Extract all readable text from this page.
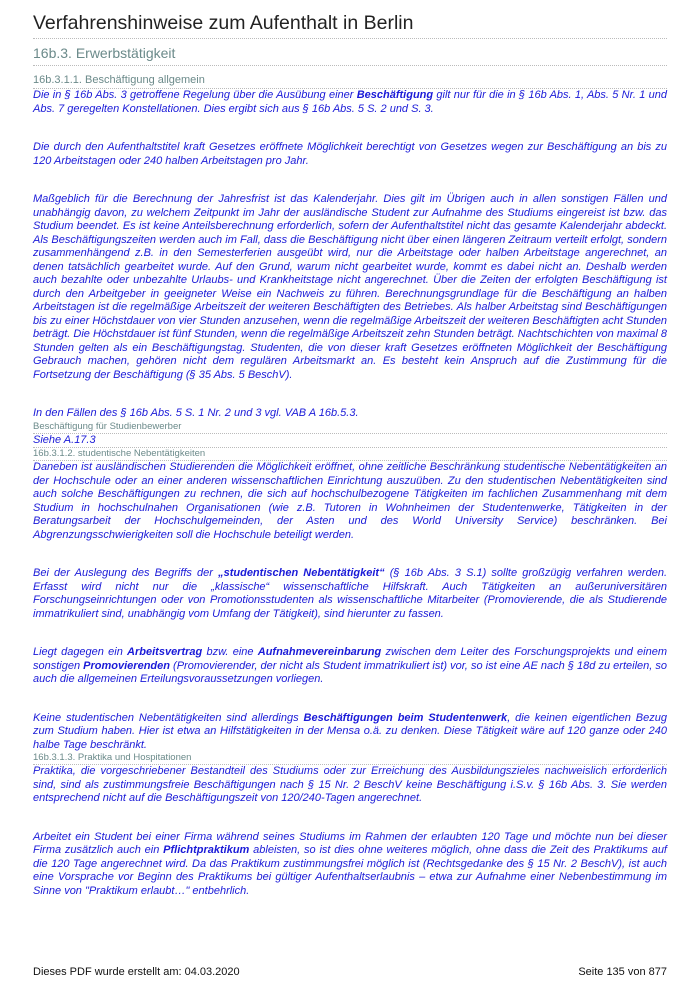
Verfahrenshinweise zum Aufenthalt in Berlin
16b.3. Erwerbstätigkeit
16b.3.1.1. Beschäftigung allgemein

Die in § 16b Abs. 3 getroffene Regelung über die Ausübung einer Beschäftigung gilt nur für die in § 16b Abs. 1, Abs. 5 Nr. 1 und Abs. 7 geregelten Konstellationen. Dies ergibt sich aus § 16b Abs. 5 S. 2 und S. 3.

Die durch den Aufenthaltstitel kraft Gesetzes eröffnete Möglichkeit berechtigt von Gesetzes wegen zur Beschäftigung an bis zu 120 Arbeitstagen oder 240 halben Arbeitstagen pro Jahr.

Maßgeblich für die Berechnung der Jahresfrist ist das Kalenderjahr. Dies gilt im Übrigen auch in allen sonstigen Fällen und unabhängig davon, zu welchem Zeitpunkt im Jahr der ausländische Student zur Aufnahme des Studiums eingereist ist bzw. das Studium beendet. Es ist keine Anteilsberechnung erforderlich, sofern der Aufenthaltstitel nicht das gesamte Kalenderjahr abdeckt. Als Beschäftigungszeiten werden auch im Fall, dass die Beschäftigung nicht über einen längeren Zeitraum verteilt erfolgt, sondern zusammenhängend z.B. in den Semesterferien ausgeübt wird, nur die Arbeitstage oder halben Arbeitstage angerechnet, an denen tatsächlich gearbeitet wurde. Auf den Grund, warum nicht gearbeitet wurde, kommt es dabei nicht an. Deshalb werden auch bezahlte oder unbezahlte Urlaubs- und Krankheitstage nicht angerechnet. Über die Zeiten der erfolgten Beschäftigung ist durch den Arbeitgeber in geeigneter Weise ein Nachweis zu führen. Berechnungsgrundlage für die Beschäftigung an halben Arbeitstagen ist die regelmäßige Arbeitszeit der weiteren Beschäftigten des Betriebes. Als halber Arbeitstag sind Beschäftigungen bis zu einer Höchstdauer von vier Stunden anzusehen, wenn die regelmäßige Arbeitszeit der weiteren Beschäftigten acht Stunden beträgt. Die Höchstdauer ist fünf Stunden, wenn die regelmäßige Arbeitszeit zehn Stunden beträgt. Nachtschichten von maximal 8 Stunden gelten als ein Beschäftigungstag. Studenten, die von dieser kraft Gesetzes eröffneten Möglichkeit der Beschäftigung Gebrauch machen, gehören nicht dem regulären Arbeitsmarkt an. Es besteht kein Anspruch auf die Zustimmung für die Fortsetzung der Beschäftigung (§ 35 Abs. 5 BeschV).

In den Fällen des § 16b Abs. 5 S. 1 Nr. 2 und 3 vgl. VAB A 16b.5.3.

Beschäftigung für Studienbewerber

Siehe A.17.3

16b.3.1.2. studentische Nebentätigkeiten

Daneben ist ausländischen Studierenden die Möglichkeit eröffnet, ohne zeitliche Beschränkung studentische Nebentätigkeiten an der Hochschule oder an einer anderen wissenschaftlichen Einrichtung auszuüben. Zu den studentischen Nebentätigkeiten sind auch solche Beschäftigungen zu rechnen, die sich auf hochschulbezogene Tätigkeiten im fachlichen Zusammenhang mit dem Studium in hochschulnahen Organisationen (wie z.B. Tutoren in Wohnheimen der Studentenwerke, Tätigkeiten in der Beratungsarbeit der Hochschulgemeinden, der Asten und des World University Service) beschränken. Bei Abgrenzungsschwierigkeiten soll die Hochschule beteiligt werden.

Bei der Auslegung des Begriffs der „studentischen Nebentätigkeit“ (§ 16b Abs. 3 S.1) sollte großzügig verfahren werden. Erfasst wird nicht nur die „klassische“ wissenschaftliche Hilfskraft. Auch Tätigkeiten an außeruniversitären Forschungseinrichtungen oder von Promotionsstudenten als wissenschaftliche Mitarbeiter (Promovierende, die als Studierende immatrikuliert sind, unabhängig vom Umfang der Tätigkeit), sind hierunter zu fassen.

Liegt dagegen ein Arbeitsvertrag bzw. eine Aufnahmevereinbarung zwischen dem Leiter des Forschungsprojekts und einem sonstigen Promovierenden (Promovierender, der nicht als Student immatrikuliert ist) vor, so ist eine AE nach § 18d zu erteilen, so auch die allgemeinen Erteilungsvoraussetzungen vorliegen.

Keine studentischen Nebentätigkeiten sind allerdings Beschäftigungen beim Studentenwerk, die keinen eigentlichen Bezug zum Studium haben. Hier ist etwa an Hilfstätigkeiten in der Mensa o.ä. zu denken. Diese Tätigkeit wäre auf 120 ganze oder 240 halbe Tage beschränkt.

16b.3.1.3. Praktika und Hospitationen

Praktika, die vorgeschriebener Bestandteil des Studiums oder zur Erreichung des Ausbildungszieles nachweislich erforderlich sind, sind als zustimmungsfreie Beschäftigungen nach § 15 Nr. 2 BeschV keine Beschäftigung i.S.v. § 16b Abs. 3. Sie werden entsprechend nicht auf die Beschäftigungszeit von 120/240-Tagen angerechnet.

Arbeitet ein Student bei einer Firma während seines Studiums im Rahmen der erlaubten 120 Tage und möchte nun bei dieser Firma zusätzlich auch ein Pflichtpraktikum ableisten, so ist dies ohne weiteres möglich, ohne dass die Zeit des Praktikums auf die 120 Tage angerechnet wird. Da das Praktikum zustimmungsfrei möglich ist (Rechtsgedanke des § 15 Nr. 2 BeschV), ist auch eine Vorsprache vor Beginn des Praktikums bei gültiger Aufenthaltserlaubnis – etwa zur Aufnahme einer Nebenbestimmung im Sinne von "Praktikum erlaubt…" entbehrlich.

Dieses PDF wurde erstellt am: 04.03.2020	Seite 135 von 877
